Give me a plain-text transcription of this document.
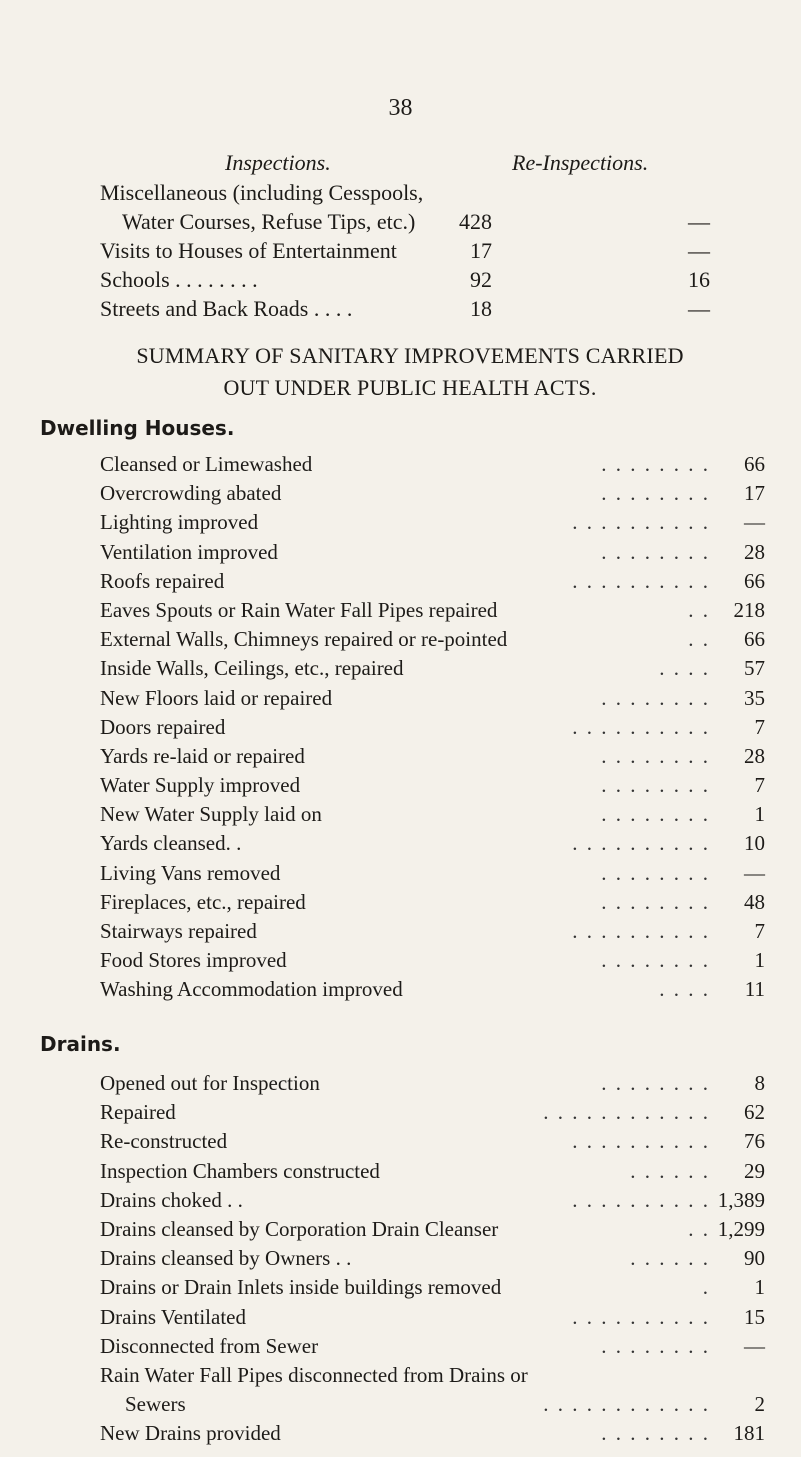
38
Inspections.	Re-Inspections.
Miscellaneous (including Cesspools,
Water Courses, Refuse Tips, etc.)	428	—
Visits to Houses of Entertainment	17	—
Schools . . . . . . . .	92	16
Streets and Back Roads . . . .	18	—
SUMMARY OF SANITARY IMPROVEMENTS CARRIED
OUT UNDER PUBLIC HEALTH ACTS.
Dwelling Houses.
Cleansed or Limewashed	. . . . . . . .	66
Overcrowding abated	. . . . . . . .	17
Lighting improved	. . . . . . . . . .	—
Ventilation improved	. . . . . . . .	28
Roofs repaired	. . . . . . . . . .	66
Eaves Spouts or Rain Water Fall Pipes repaired	. .	218
External Walls, Chimneys repaired or re-pointed	. .	66
Inside Walls, Ceilings, etc., repaired	. . . .	57
New Floors laid or repaired	. . . . . . . .	35
Doors repaired	. . . . . . . . . .	7
Yards re-laid or repaired	. . . . . . . .	28
Water Supply improved	. . . . . . . .	7
New Water Supply laid on	. . . . . . . .	1
Yards cleansed. .	. . . . . . . . . .	10
Living Vans removed	. . . . . . . .	—
Fireplaces, etc., repaired	. . . . . . . .	48
Stairways repaired	. . . . . . . . . .	7
Food Stores improved	. . . . . . . .	1
Washing Accommodation improved	. . . .	11
Drains.
Opened out for Inspection	. . . . . . . .	8
Repaired	. . . . . . . . . . . .	62
Re-constructed	. . . . . . . . . .	76
Inspection Chambers constructed	. . . . . .	29
Drains choked . .	. . . . . . . . . . 1,389
Drains cleansed by Corporation Drain Cleanser	. . 1,299
Drains cleansed by Owners . .	. . . . . .	90
Drains or Drain Inlets inside buildings removed	.	1
Drains Ventilated	. . . . . . . . . .	15
Disconnected from Sewer	. . . . . . . .	—
Rain Water Fall Pipes disconnected from Drains or
Sewers	. . . . . . . . . . . .	2
New Drains provided	. . . . . . . .	181
